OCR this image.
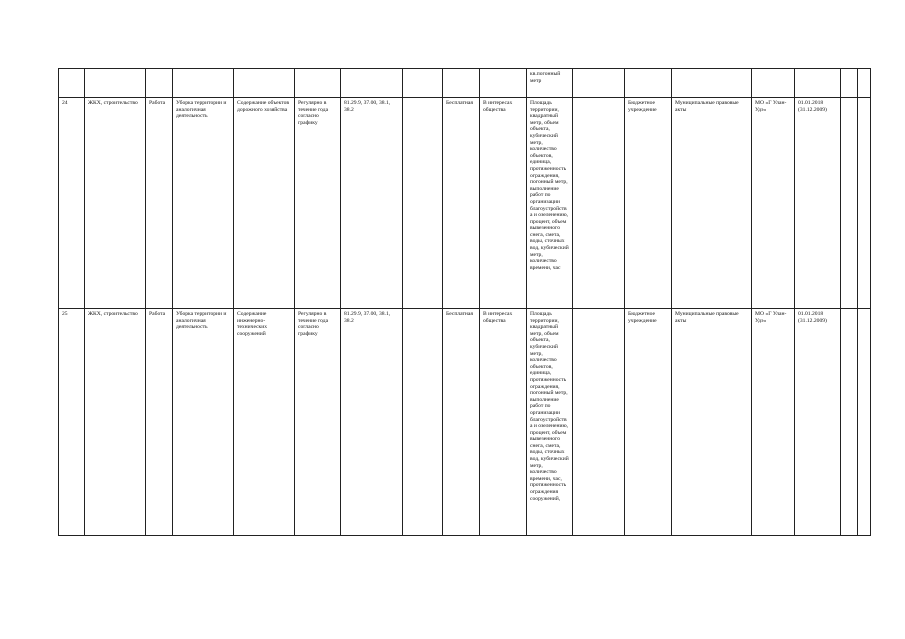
										кв.погонный метр							
24	ЖКХ, строительство	Работа	Уборка территории и аналогичная деятельность	Содержание объектов дорожного хозяйства	Регулярно в течение года согласно графику	81.29.9, 37.00, 38.1, 38.2		Бесплатная	В интересах общества	Площадь территории, квадратный метр, объем объекта, кубический метр, количество объектов, единица, протяженность ограждения, погонный метр, выполнение работ по организации благоустройства и озеленению, процент, объем вывезенного снега, смета, воды, сточных вод, кубический метр, количество времени, час		Бюджетное учреждение	Муниципальные правовые акты	МО «Г Улан-Удэ»	01.01.2018 (31.12.2009)		
25	ЖКХ, строительство	Работа	Уборка территории и аналогичная деятельность	Содержание инженерно-технических сооружений	Регулярно в течение года согласно графику	81.29.9, 37.00, 38.1, 38.2		Бесплатная	В интересах общества	Площадь территории, квадратный метр, объем объекта, кубический метр, количество объектов, единица, протяженность ограждения, погонный метр, выполнение работ по организации благоустройства и озеленению, процент, объем вывезенного снега, смета, воды, сточных вод, кубический метр, количество времени, час, протяженность ограждения сооружений,		Бюджетное учреждение	Муниципальные правовые акты	МО «Г Улан-Удэ»	01.01.2018 (31.12.2009)		
